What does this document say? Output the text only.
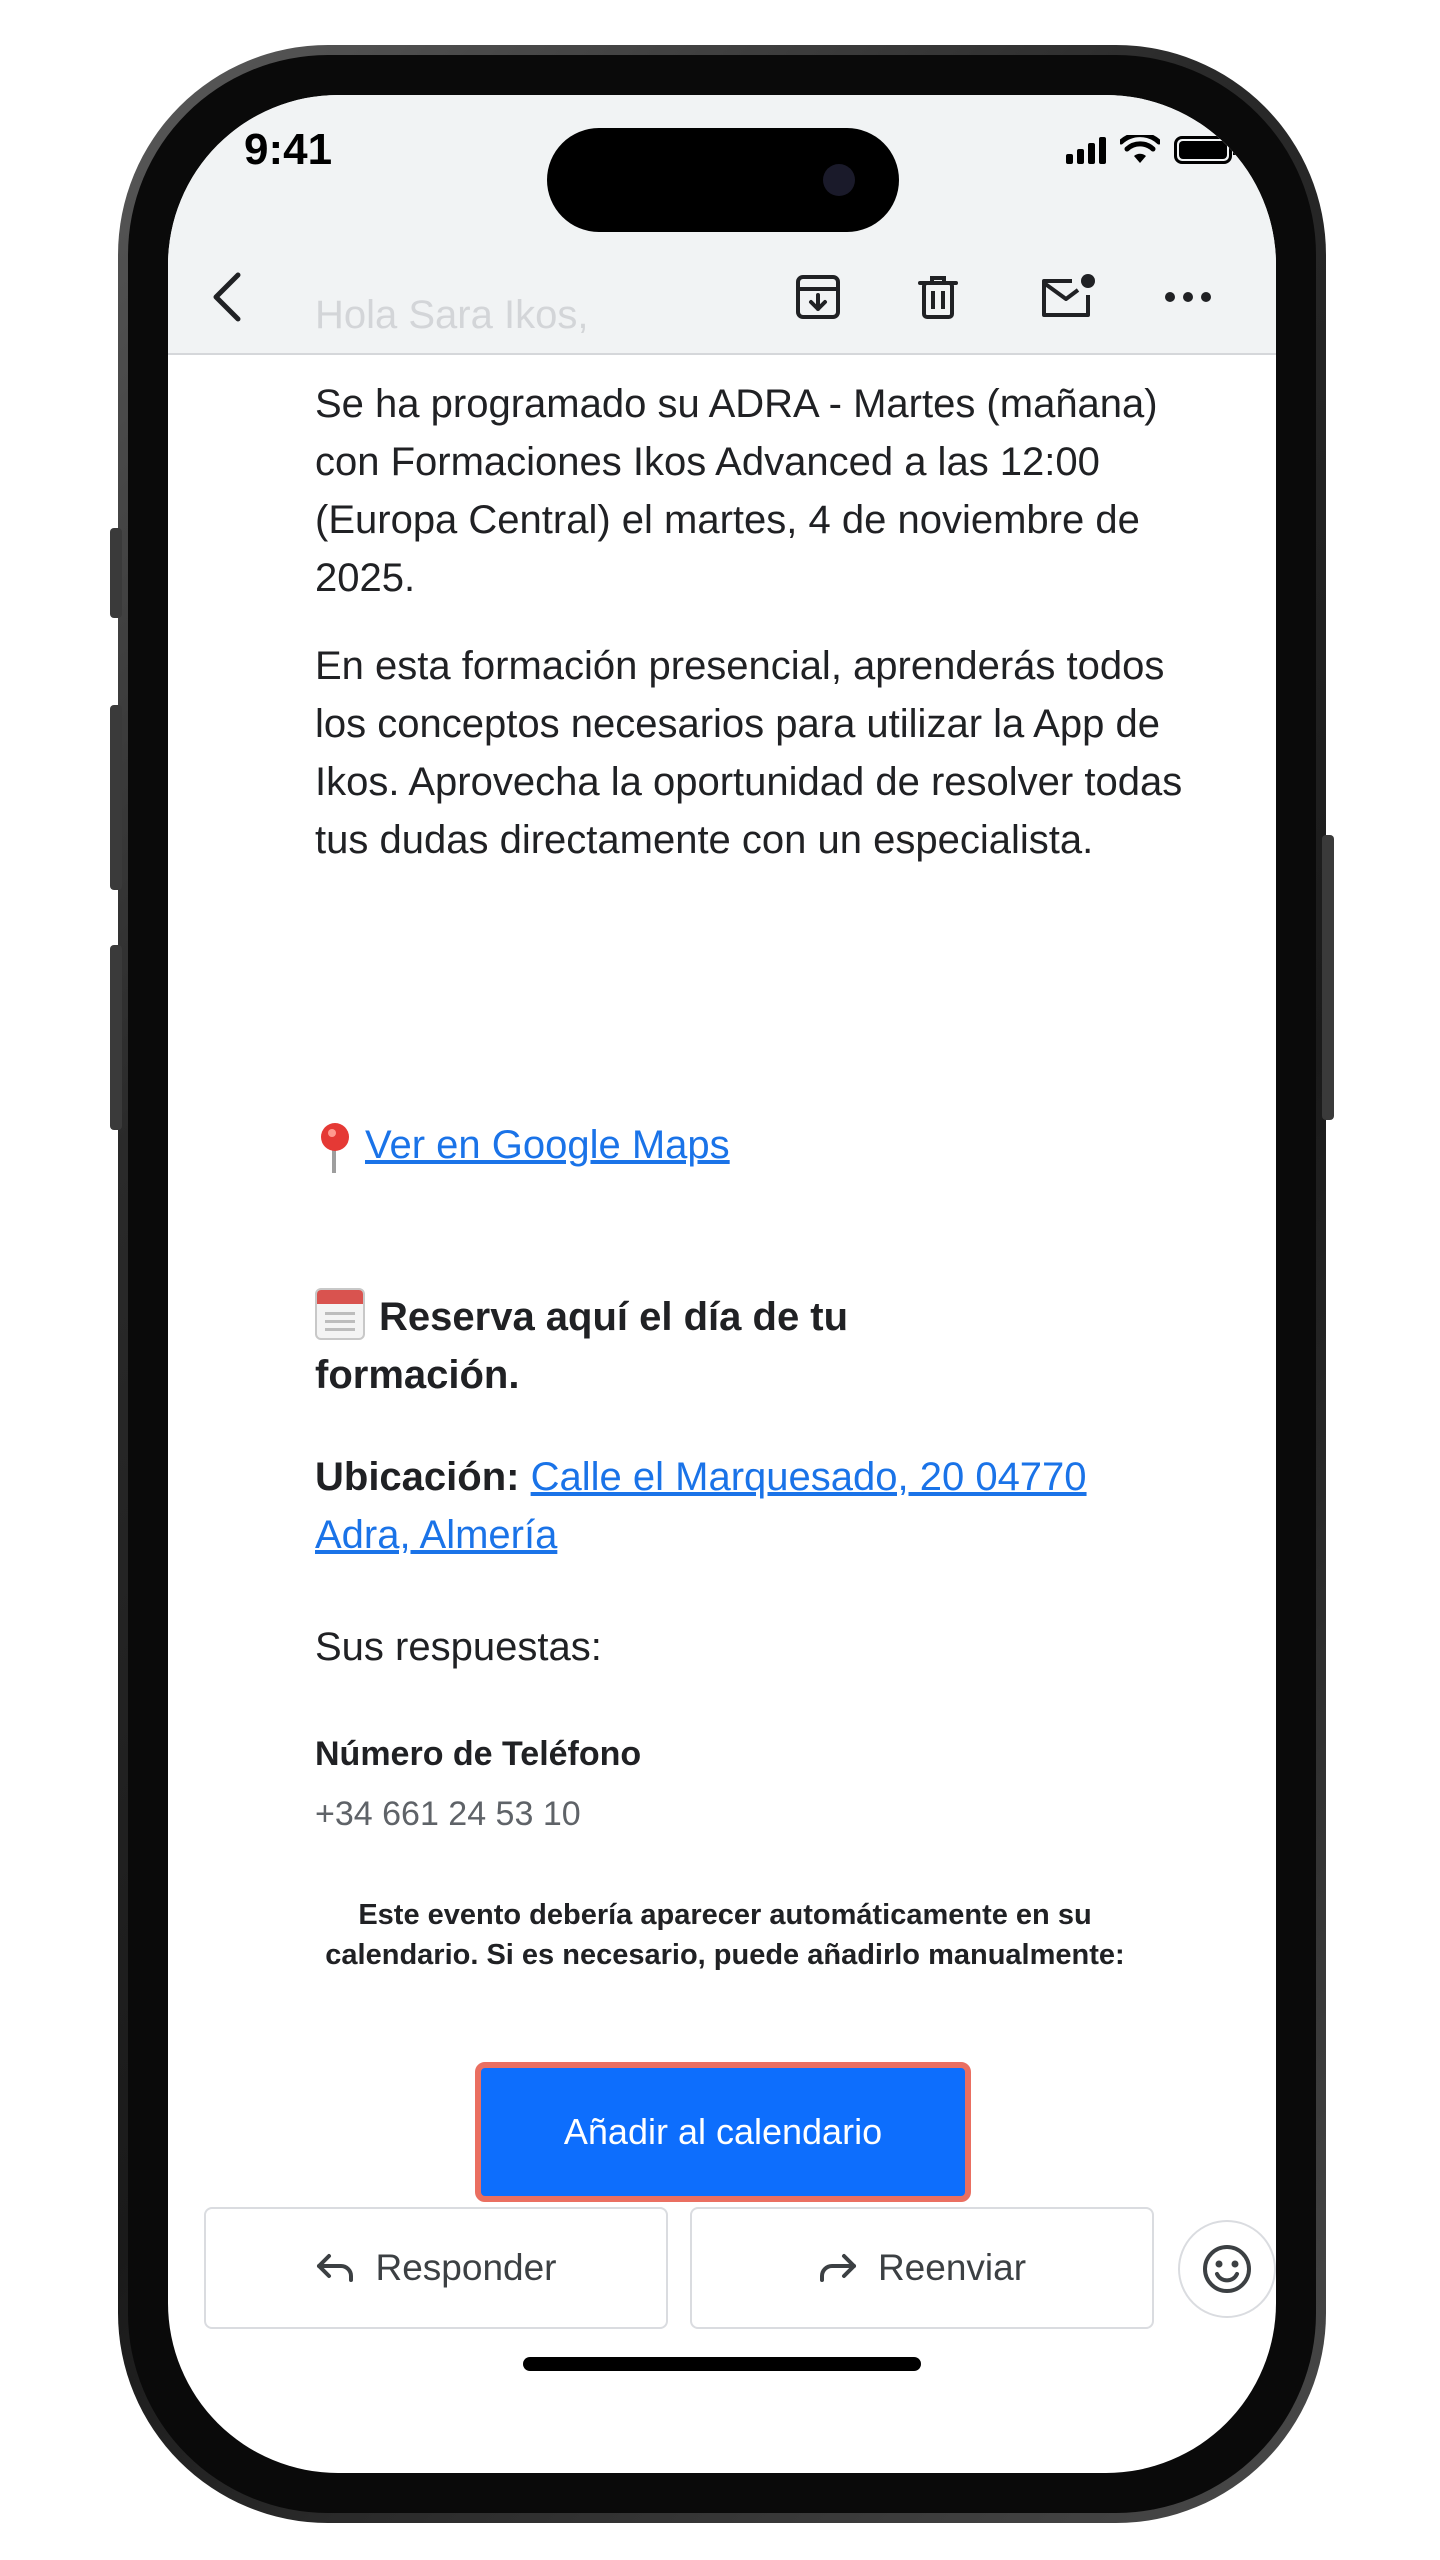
9:41
Hola Sara Ikos,

Se ha programado su ADRA - Martes (mañana) con Formaciones Ikos Advanced a las 12:00 (Europa Central) el martes, 4 de noviembre de 2025.

En esta formación presencial, aprenderás todos los conceptos necesarios para utilizar la App de Ikos. Aprovecha la oportunidad de resolver todas tus dudas directamente con un especialista.

Ver en Google Maps
Reserva aquí el día de tu formación.
Ubicación: Calle el Marquesado, 20 04770 Adra, Almería
Sus respuestas:
Número de Teléfono
+34 661 24 53 10
Este evento debería aparecer automáticamente en su calendario. Si es necesario, puede añadirlo manualmente:
Añadir al calendario
Responder	Reenviar
